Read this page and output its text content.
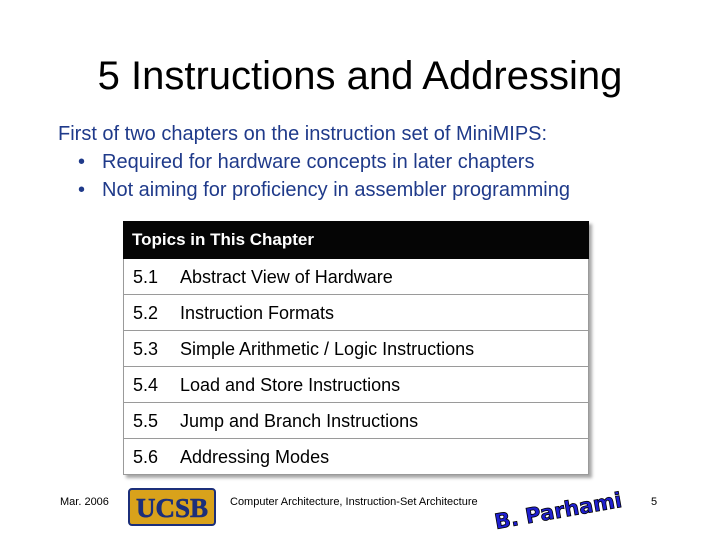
5 Instructions and Addressing
First of two chapters on the instruction set of MiniMIPS:
• Required for hardware concepts in later chapters
• Not aiming for proficiency in assembler programming
Topics in This Chapter
5.1 Abstract View of Hardware
5.2 Instruction Formats
5.3 Simple Arithmetic / Logic Instructions
5.4 Load and Store Instructions
5.5 Jump and Branch Instructions
5.6 Addressing Modes
Mar. 2006 UCSB Computer Architecture, Instruction-Set Architecture B. Parhami 5
